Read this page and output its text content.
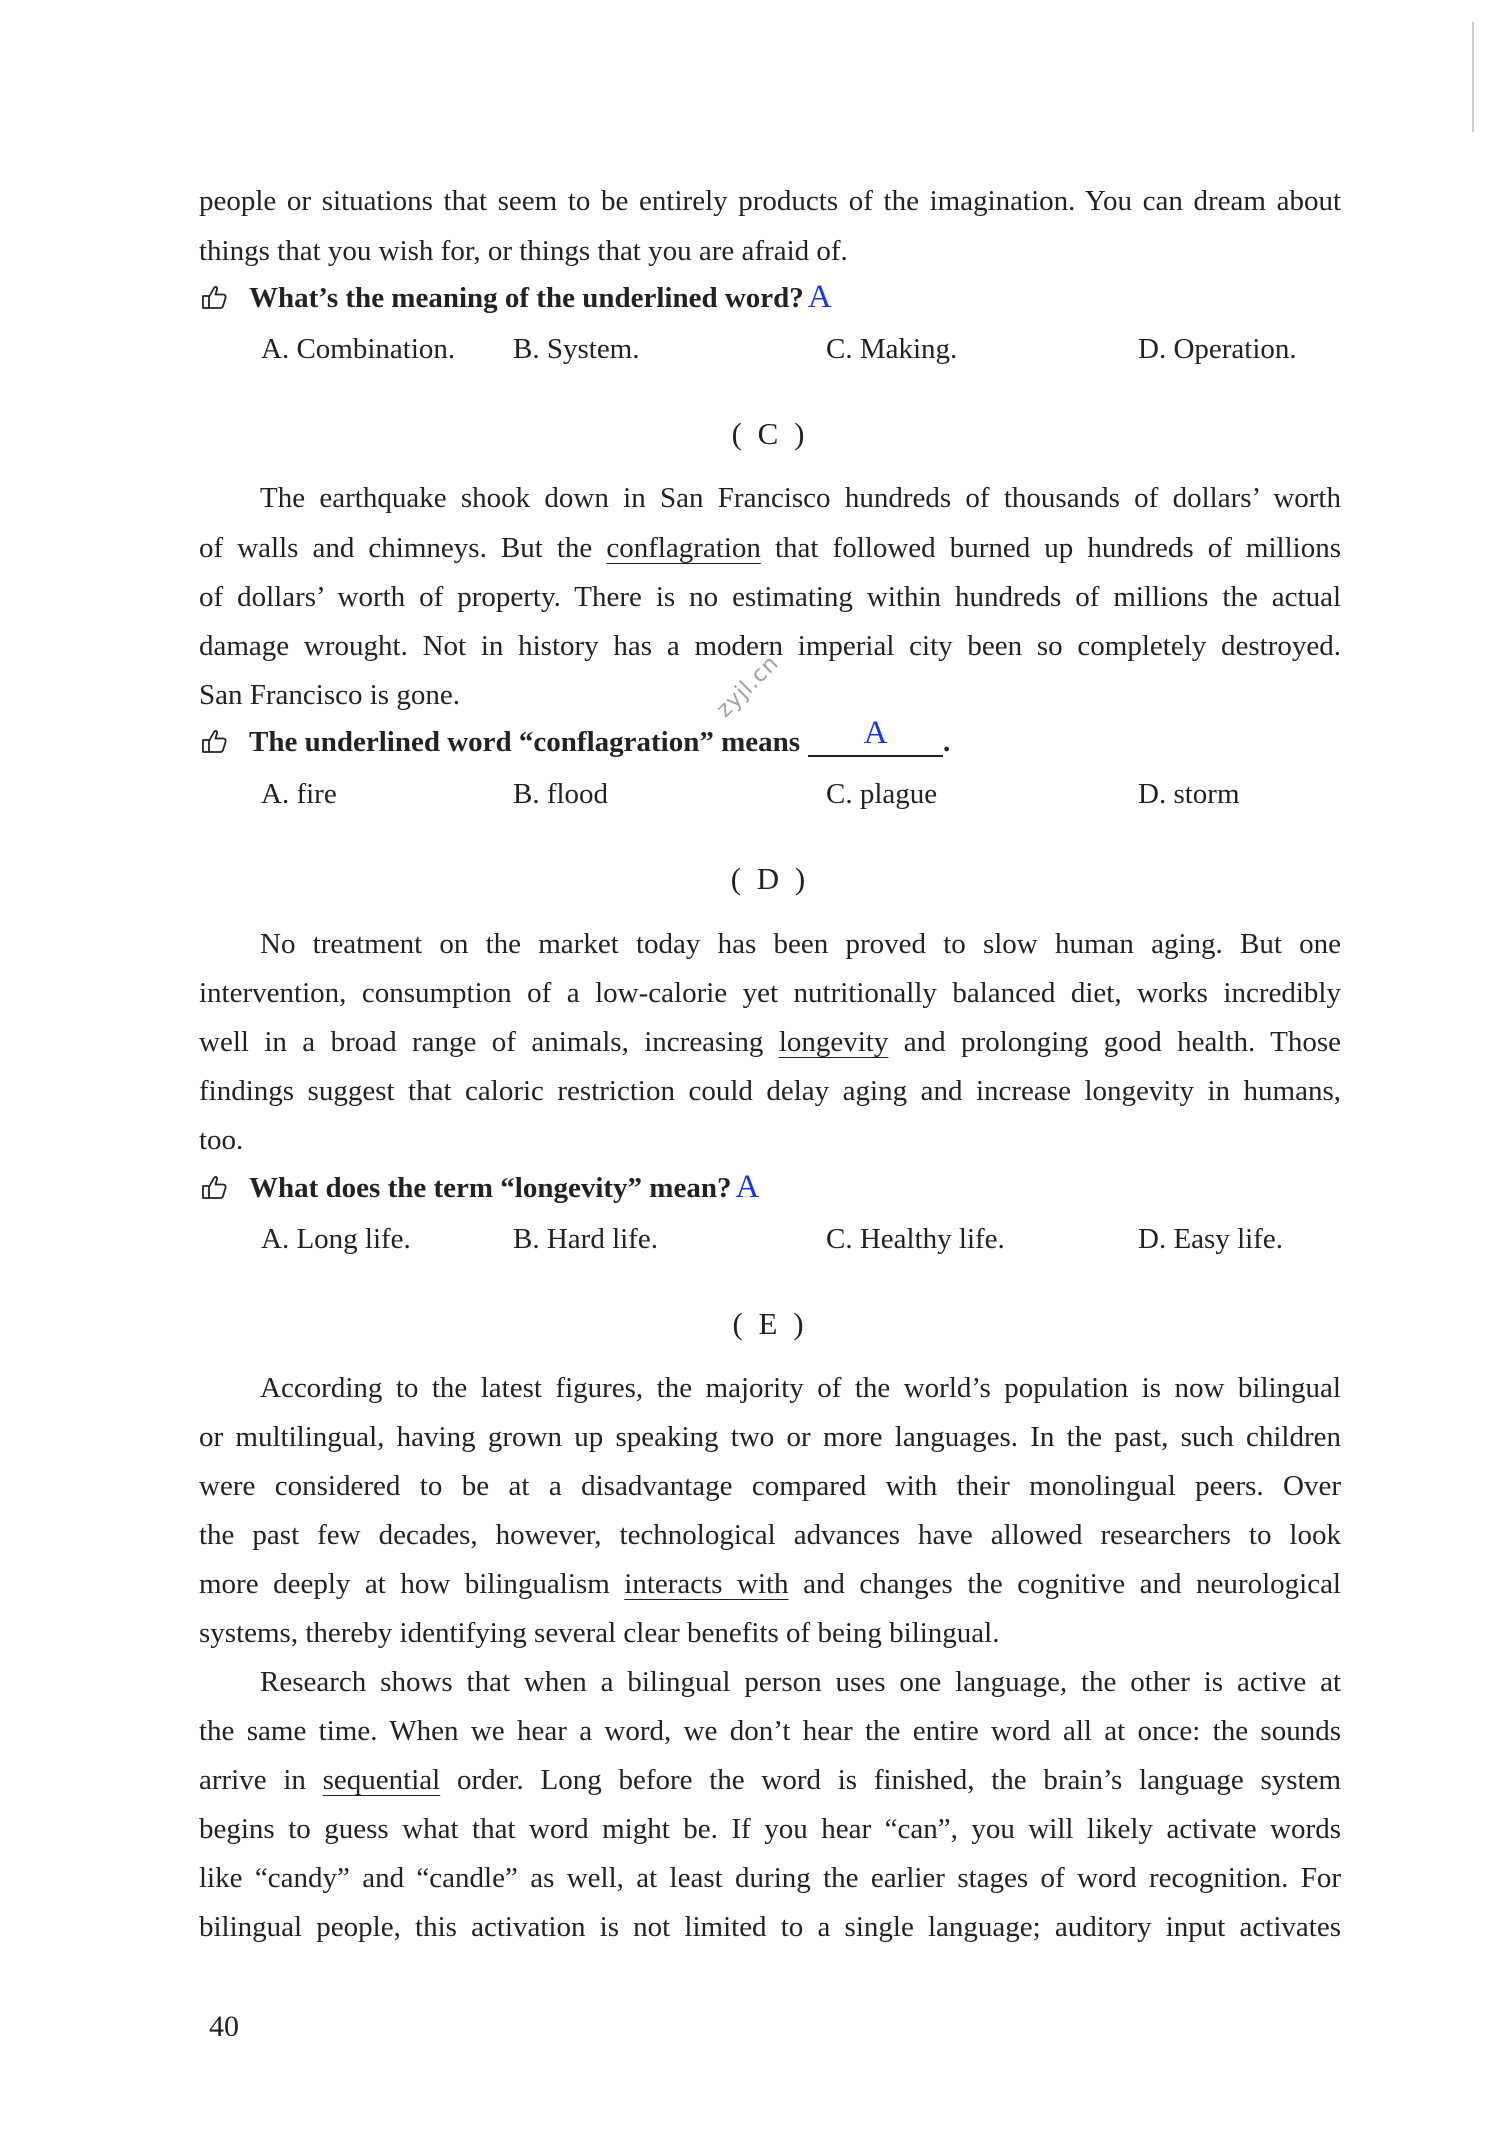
people or situations that seem to be entirely products of the imagination. You can dream about
things that you wish for, or things that you are afraid of.
What’s the meaning of the underlined word? A
A. Combination. B. System.	C. Making.	D. Operation.
( C )
The earthquake shook down in San Francisco hundreds of thousands of dollars’ worth
of walls and chimneys. But the conflagration that followed burned up hundreds of millions
of dollars’ worth of property. There is no estimating within hundreds of millions the actual
damage wrought. Not in history has a modern imperial city been so completely destroyed.
San Francisco is gone.
The underlined word “conflagration” means A .
A. fire	B. flood	C. plague	D. storm
zyjl.cn
( D )
No treatment on the market today has been proved to slow human aging. But one
intervention, consumption of a low-calorie yet nutritionally balanced diet, works incredibly
well in a broad range of animals, increasing longevity and prolonging good health. Those
findings suggest that caloric restriction could delay aging and increase longevity in humans,
too.
What does the term “longevity” mean? A
A. Long life.	B. Hard life.	C. Healthy life.	D. Easy life.
( E )
According to the latest figures, the majority of the world’s population is now bilingual
or multilingual, having grown up speaking two or more languages. In the past, such children
were considered to be at a disadvantage compared with their monolingual peers. Over
the past few decades, however, technological advances have allowed researchers to look
more deeply at how bilingualism interacts with and changes the cognitive and neurological
systems, thereby identifying several clear benefits of being bilingual.
Research shows that when a bilingual person uses one language, the other is active at
the same time. When we hear a word, we don’t hear the entire word all at once: the sounds
arrive in sequential order. Long before the word is finished, the brain’s language system
begins to guess what that word might be. If you hear “can”, you will likely activate words
like “candy” and “candle” as well, at least during the earlier stages of word recognition. For
bilingual people, this activation is not limited to a single language; auditory input activates
40
